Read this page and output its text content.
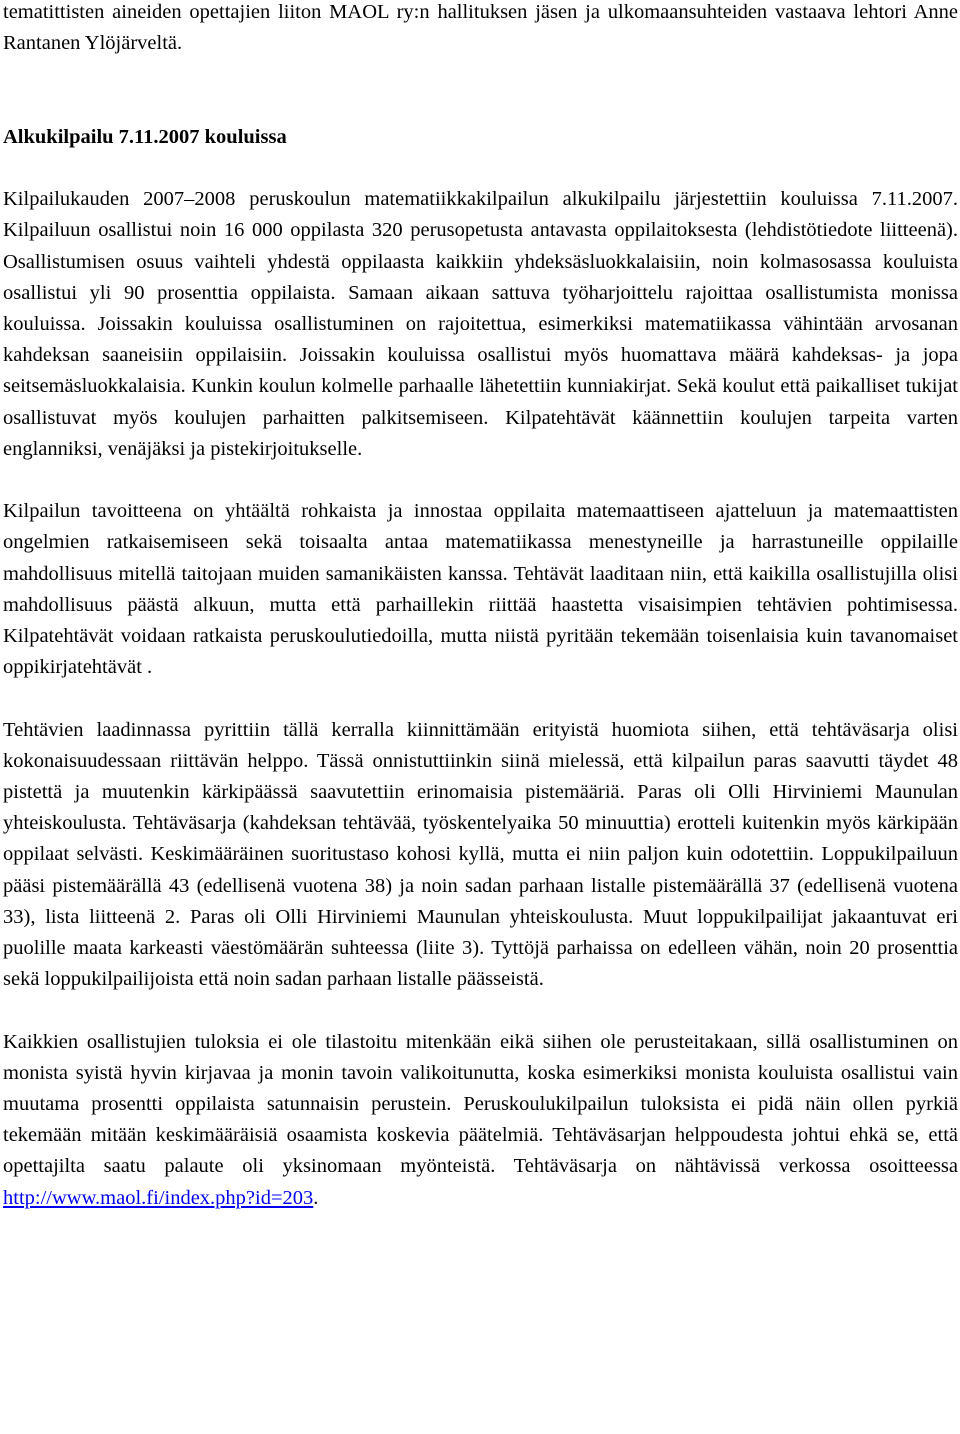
tematittisten aineiden opettajien liiton MAOL ry:n hallituksen jäsen ja ulkomaansuhteiden vastaava lehtori Anne Rantanen Ylöjärveltä.

Alkukilpailu 7.11.2007 kouluissa

Kilpailukauden 2007–2008 peruskoulun matematiikkakilpailun alkukilpailu järjestettiin kouluissa 7.11.2007. Kilpailuun osallistui noin 16 000 oppilasta 320 perusopetusta antavasta oppilaitoksesta (lehdistötiedote liitteenä). Osallistumisen osuus vaihteli yhdestä oppilaasta kaikkiin yhdeksäsluokkalaisiin, noin kolmasosassa kouluista osallistui yli 90 prosenttia oppilaista. Samaan aikaan sattuva työharjoittelu rajoittaa osallistumista monissa kouluissa. Joissakin kouluissa osallistuminen on rajoitettua, esimerkiksi matematiikassa vähintään arvosanan kahdeksan saaneisiin oppilaisiin. Joissakin kouluissa osallistui myös huomattava määrä kahdeksas- ja jopa seitsemäsluokkalaisia. Kunkin koulun kolmelle parhaalle lähetettiin kunniakirjat. Sekä koulut että paikalliset tukijat osallistuvat myös koulujen parhaitten palkitsemiseen. Kilpatehtävät käännettiin koulujen tarpeita varten englanniksi, venäjäksi ja pistekirjoitukselle.

Kilpailun tavoitteena on yhtäältä rohkaista ja innostaa oppilaita matemaattiseen ajatteluun ja matemaattisten ongelmien ratkaisemiseen sekä toisaalta antaa matematiikassa menestyneille ja harrastuneille oppilaille mahdollisuus mitellä taitojaan muiden samanikäisten kanssa. Tehtävät laaditaan niin, että kaikilla osallistujilla olisi mahdollisuus päästä alkuun, mutta että parhaillekin riittää haastetta visaisimpien tehtävien pohtimisessa. Kilpatehtävät voidaan ratkaista peruskoulutiedoilla, mutta niistä pyritään tekemään toisenlaisia kuin tavanomaiset oppikirjatehtävät .

Tehtävien laadinnassa pyrittiin tällä kerralla kiinnittämään erityistä huomiota siihen, että tehtäväsarja olisi kokonaisuudessaan riittävän helppo. Tässä onnistuttiinkin siinä mielessä, että kilpailun paras saavutti täydet 48 pistettä ja muutenkin kärkipäässä saavutettiin erinomaisia pistemääriä. Paras oli Olli Hirviniemi Maunulan yhteiskoulusta. Tehtäväsarja (kahdeksan tehtävää, työskentelyaika 50 minuuttia) erotteli kuitenkin myös kärkipään oppilaat selvästi. Keskimääräinen suoritustaso kohosi kyllä, mutta ei niin paljon kuin odotettiin. Loppukilpailuun pääsi pistemäärällä 43 (edellisenä vuotena 38) ja noin sadan parhaan listalle pistemäärällä 37 (edellisenä vuotena 33), lista liitteenä 2. Paras oli Olli Hirviniemi Maunulan yhteiskoulusta. Muut loppukilpailijat jakaantuvat eri puolille maata karkeasti väestömäärän suhteessa (liite 3). Tyttöjä parhaissa on edelleen vähän, noin 20 prosenttia sekä loppukilpailijoista että noin sadan parhaan listalle päässeistä.

Kaikkien osallistujien tuloksia ei ole tilastoitu mitenkään eikä siihen ole perusteitakaan, sillä osallistuminen on monista syistä hyvin kirjavaa ja monin tavoin valikoitunutta, koska esimerkiksi monista kouluista osallistui vain muutama prosentti oppilaista satunnaisin perustein. Peruskoulukilpailun tuloksista ei pidä näin ollen pyrkiä tekemään mitään keskimääräisiä osaamista koskevia päätelmiä. Tehtäväsarjan helppoudesta johtui ehkä se, että opettajilta saatu palaute oli yksinomaan myönteistä. Tehtäväsarja on nähtävissä verkossa osoitteessa http://www.maol.fi/index.php?id=203.
